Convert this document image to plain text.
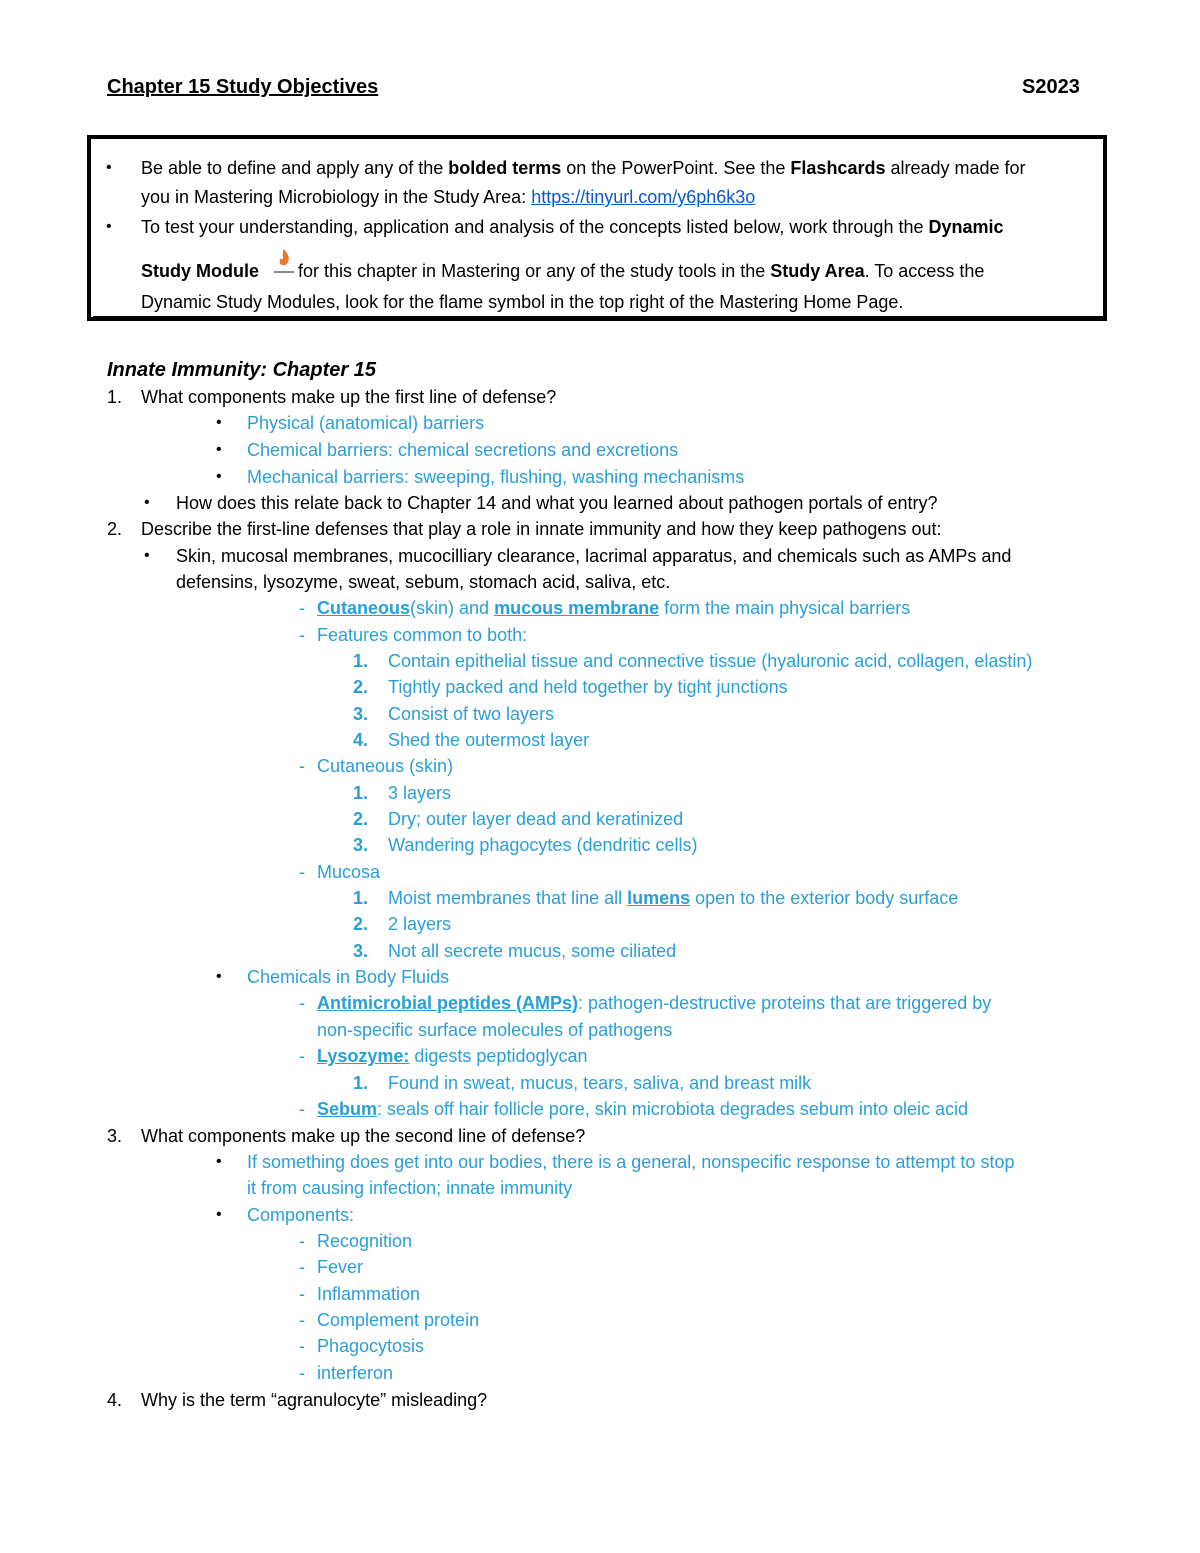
Chapter 15 Study Objectives	S2023
• Be able to define and apply any of the bolded terms on the PowerPoint. See the Flashcards already made for
you in Mastering Microbiology in the Study Area: https://tinyurl.com/y6ph6k3o
• To test your understanding, application and analysis of the concepts listed below, work through the Dynamic
Study Module for this chapter in Mastering or any of the study tools in the Study Area. To access the
Dynamic Study Modules, look for the flame symbol in the top right of the Mastering Home Page.
Innate Immunity: Chapter 15
1. What components make up the first line of defense?
• Physical (anatomical) barriers
• Chemical barriers: chemical secretions and excretions
• Mechanical barriers: sweeping, flushing, washing mechanisms
• How does this relate back to Chapter 14 and what you learned about pathogen portals of entry?
2. Describe the first-line defenses that play a role in innate immunity and how they keep pathogens out:
• Skin, mucosal membranes, mucocilliary clearance, lacrimal apparatus, and chemicals such as AMPs and
defensins, lysozyme, sweat, sebum, stomach acid, saliva, etc.
- Cutaneous(skin) and mucous membrane form the main physical barriers
- Features common to both:
1. Contain epithelial tissue and connective tissue (hyaluronic acid, collagen, elastin)
2. Tightly packed and held together by tight junctions
3. Consist of two layers
4. Shed the outermost layer
- Cutaneous (skin)
1. 3 layers
2. Dry; outer layer dead and keratinized
3. Wandering phagocytes (dendritic cells)
- Mucosa
1. Moist membranes that line all lumens open to the exterior body surface
2. 2 layers
3. Not all secrete mucus, some ciliated
• Chemicals in Body Fluids
- Antimicrobial peptides (AMPs): pathogen-destructive proteins that are triggered by
non-specific surface molecules of pathogens
- Lysozyme: digests peptidoglycan
1. Found in sweat, mucus, tears, saliva, and breast milk
- Sebum: seals off hair follicle pore, skin microbiota degrades sebum into oleic acid
3. What components make up the second line of defense?
• If something does get into our bodies, there is a general, nonspecific response to attempt to stop
it from causing infection; innate immunity
• Components:
- Recognition
- Fever
- Inflammation
- Complement protein
- Phagocytosis
- interferon
4. Why is the term “agranulocyte” misleading?
